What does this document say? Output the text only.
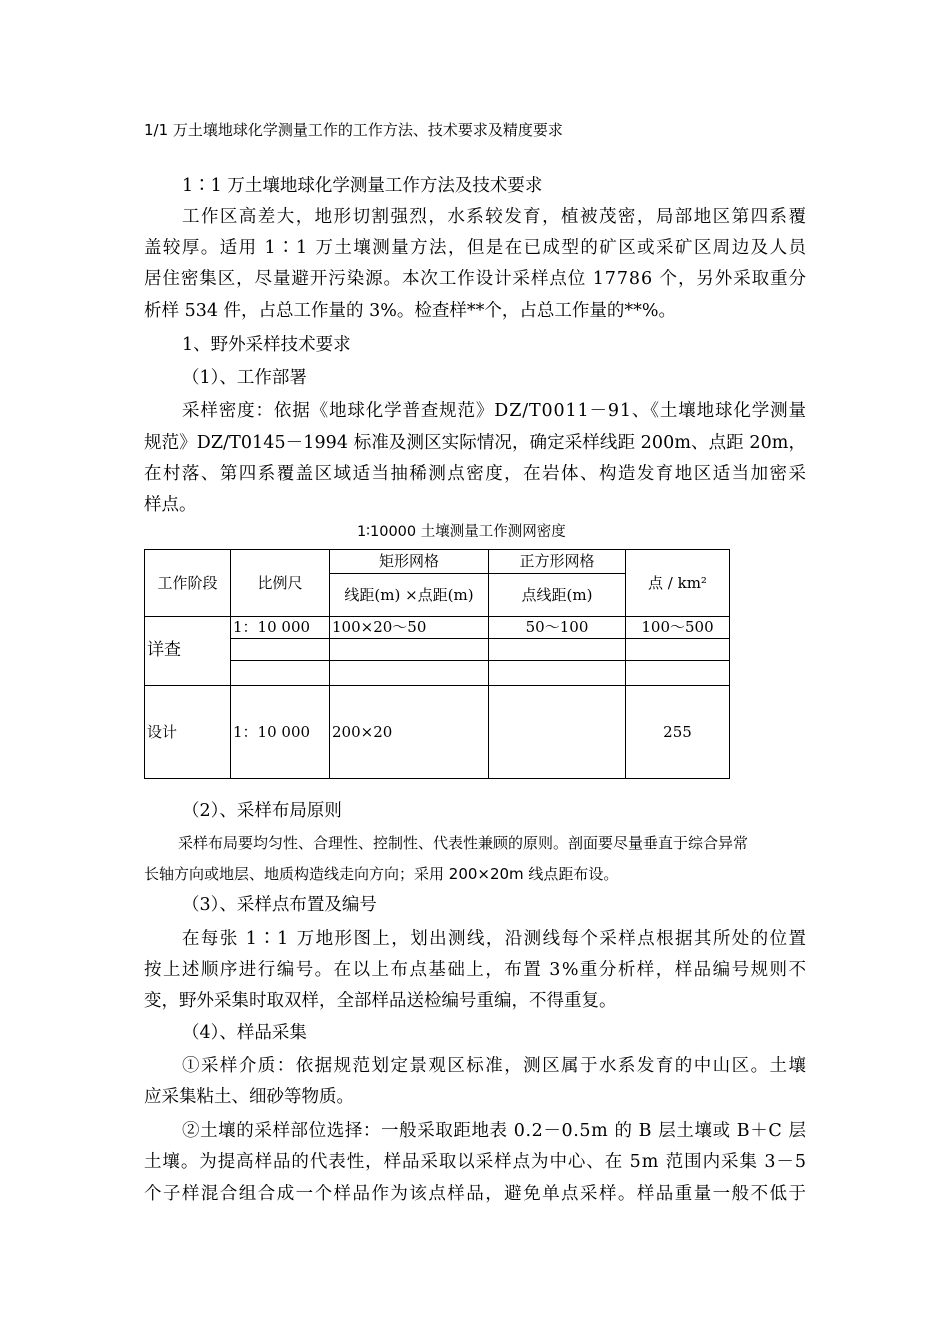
1/1 万土壤地球化学测量工作的工作方法、技术要求及精度要求
1∶1 万土壤地球化学测量工作方法及技术要求
工作区高差大，地形切割强烈，水系较发育，植被茂密，局部地区第四系覆
盖较厚。适用 1∶1 万土壤测量方法，但是在已成型的矿区或采矿区周边及人员
居住密集区，尽量避开污染源。本次工作设计采样点位 17786 个，另外采取重分
析样 534 件，占总工作量的 3%。检查样**个，占总工作量的**%。
1、野外采样技术要求
（1）、工作部署
采样密度：依据《地球化学普查规范》DZ/T0011－91、《土壤地球化学测量
规范》DZ/T0145－1994 标准及测区实际情况，确定采样线距 200m、点距 20m，
在村落、第四系覆盖区域适当抽稀测点密度，在岩体、构造发育地区适当加密采
样点。
1∶10000 土壤测量工作测网密度
工作阶段	比例尺	矩形网格	正方形网格	点 / km²
		线距(m) ×点距(m)	点线距(m)	
详查	1：10 000	100×20～50	50～100	100～500

设计	1：10 000	200×20		255
（2）、采样布局原则
采样布局要均匀性、合理性、控制性、代表性兼顾的原则。剖面要尽量垂直于综合异常
长轴方向或地层、地质构造线走向方向；采用 200×20m 线点距布设。
（3）、采样点布置及编号
在每张 1∶1 万地形图上，划出测线，沿测线每个采样点根据其所处的位置
按上述顺序进行编号。在以上布点基础上，布置 3%重分析样，样品编号规则不
变，野外采集时取双样，全部样品送检编号重编，不得重复。
（4）、样品采集
①采样介质：依据规范划定景观区标准，测区属于水系发育的中山区。土壤
应采集粘土、细砂等物质。
②土壤的采样部位选择：一般采取距地表 0.2－0.5m 的 B 层土壤或 B＋C 层
土壤。为提高样品的代表性，样品采取以采样点为中心、在 5m 范围内采集 3－5
个子样混合组合成一个样品作为该点样品，避免单点采样。样品重量一般不低于
